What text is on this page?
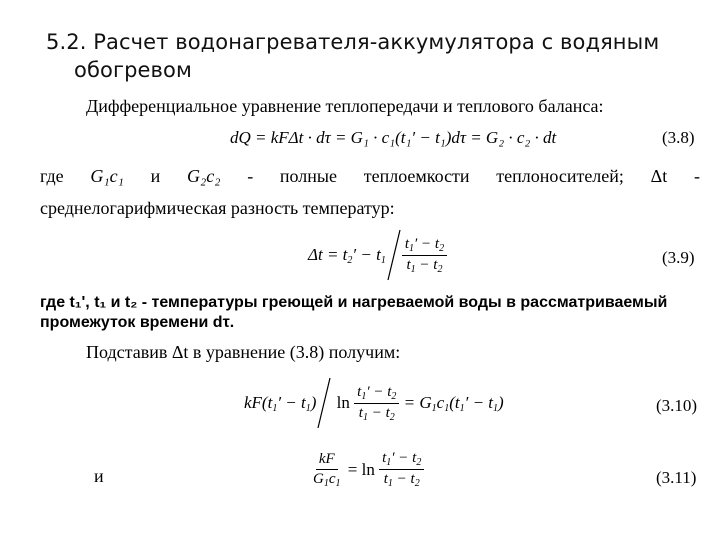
5.2. Расчет водонагревателя-аккумулятора с водяным
обогревом
Дифференциальное уравнение теплопередачи и теплового баланса:
dQ = kFΔt · dτ = G₁ · c₁(t₁′ − t₁)dτ = G₂ · c₂ · dt	(3.8)
где G₁c₁ и G₂c₂ - полные теплоемкости теплоносителей; Δt -
среднелогарифмическая разность температур:
$\Delta t = t_2' - t_1 \frac{t_1' - t_2}{t_1 - t_2}$	(3.9)
где t₁', t₁ и t₂ - температуры греющей и нагреваемой воды в рассматриваемый
промежуток времени dτ.
Подставив Δt в уравнение (3.8) получим:
$kF(t_1' - t_1)$ $\ln \frac{t_1' - t_2}{t_1 - t_2} = G_1c_1(t_1' - t_1)$	(3.10)
и	$\frac{kF}{G_1c_1} = \ln \frac{t_1' - t_2}{t_1 - t_2}$	(3.11)
